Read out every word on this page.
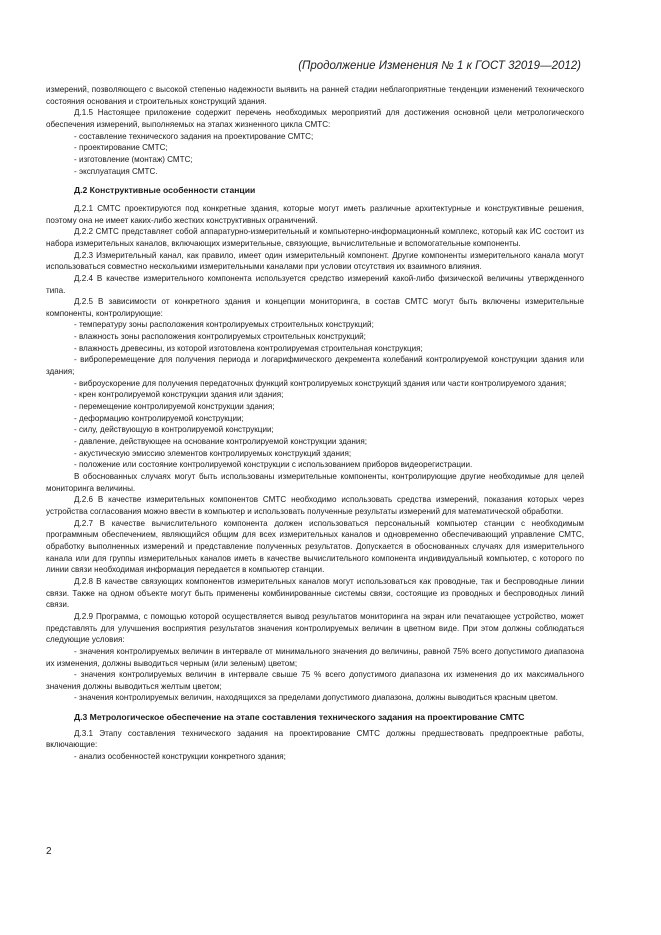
(Продолжение Изменения № 1 к ГОСТ 32019—2012)

измерений, позволяющего с высокой степенью надежности выявить на ранней стадии неблагоприятные тенденции изменений технического состояния основания и строительных конструкций здания.

Д.1.5 Настоящее приложение содержит перечень необходимых мероприятий для достижения основной цели метрологического обеспечения измерений, выполняемых на этапах жизненного цикла СМТС:

- составление технического задания на проектирование СМТС;

- проектирование СМТС;

- изготовление (монтаж) СМТС;

- эксплуатация СМТС.

Д.2 Конструктивные особенности станции

Д.2.1 СМТС проектируются под конкретные здания, которые могут иметь различные архитектурные и конструктивные решения, поэтому она не имеет каких-либо жестких конструктивных ограничений.

Д.2.2 СМТС представляет собой аппаратурно-измерительный и компьютерно-информационный комплекс, который как ИС состоит из набора измерительных каналов, включающих измерительные, связующие, вычислительные и вспомогательные компоненты.

Д.2.3 Измерительный канал, как правило, имеет один измерительный компонент. Другие компоненты измерительного канала могут использоваться совместно несколькими измерительными каналами при условии отсутствия их взаимного влияния.

Д.2.4 В качестве измерительного компонента используется средство измерений какой-либо физической величины утвержденного типа.

Д.2.5 В зависимости от конкретного здания и концепции мониторинга, в состав СМТС могут быть включены измерительные компоненты, контролирующие:

- температуру зоны расположения контролируемых строительных конструкций;

- влажность зоны расположения контролируемых строительных конструкций;

- влажность древесины, из которой изготовлена контролируемая строительная конструкция;

- виброперемещение для получения периода и логарифмического декремента колебаний контролируемой конструкции здания или здания;

- виброускорение для получения передаточных функций контролируемых конструкций здания или части контролируемого здания;

- крен контролируемой конструкции здания или здания;

- перемещение контролируемой конструкции здания;

- деформацию контролируемой конструкции;

- силу, действующую в контролируемой конструкции;

- давление, действующее на основание контролируемой конструкции здания;

- акустическую эмиссию элементов контролируемых конструкций здания;

- положение или состояние контролируемой конструкции с использованием приборов видеорегистрации.

В обоснованных случаях могут быть использованы измерительные компоненты, контролирующие другие необходимые для целей мониторинга величины.

Д.2.6 В качестве измерительных компонентов СМТС необходимо использовать средства измерений, показания которых через устройства согласования можно ввести в компьютер и использовать полученные результаты измерений для математической обработки.

Д.2.7 В качестве вычислительного компонента должен использоваться персональный компьютер станции с необходимым программным обеспечением, являющийся общим для всех измерительных каналов и одновременно обеспечивающий управление СМТС, обработку выполненных измерений и представление полученных результатов. Допускается в обоснованных случаях для измерительного канала или для группы измерительных каналов иметь в качестве вычислительного компонента индивидуальный компьютер, с которого по линии связи необходимая информация передается в компьютер станции.

Д.2.8 В качестве связующих компонентов измерительных каналов могут использоваться как проводные, так и беспроводные линии связи. Также на одном объекте могут быть применены комбинированные системы связи, состоящие из проводных и беспроводных линий связи.

Д.2.9 Программа, с помощью которой осуществляется вывод результатов мониторинга на экран или печатающее устройство, может представлять для улучшения восприятия результатов значения контролируемых величин в цветном виде. При этом должны соблюдаться следующие условия:

- значения контролируемых величин в интервале от минимального значения до величины, равной 75% всего допустимого диапазона их изменения, должны выводиться черным (или зеленым) цветом;

- значения контролируемых величин в интервале свыше 75 % всего допустимого диапазона их изменения до их максимального значения должны выводиться желтым цветом;

- значения контролируемых величин, находящихся за пределами допустимого диапазона, должны выводиться красным цветом.

Д.3 Метрологическое обеспечение на этапе составления технического задания на проектирование СМТС

Д.3.1 Этапу составления технического задания на проектирование СМТС должны предшествовать предпроектные работы, включающие:

- анализ особенностей конструкции конкретного здания;

2
